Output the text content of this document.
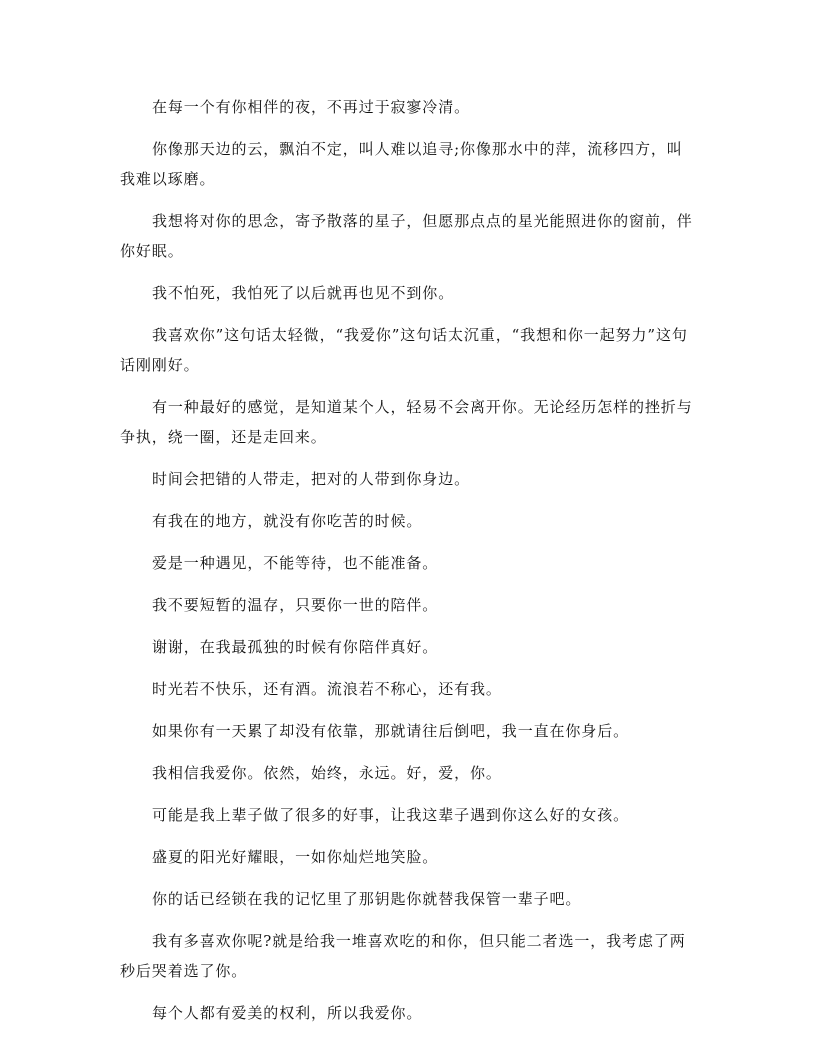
在每一个有你相伴的夜，不再过于寂寥冷清。

你像那天边的云，飘泊不定，叫人难以追寻;你像那水中的萍，流移四方，叫我难以琢磨。

我想将对你的思念，寄予散落的星子，但愿那点点的星光能照进你的窗前，伴你好眠。

我不怕死，我怕死了以后就再也见不到你。

我喜欢你”这句话太轻微，“我爱你”这句话太沉重，“我想和你一起努力”这句话刚刚好。

有一种最好的感觉，是知道某个人，轻易不会离开你。无论经历怎样的挫折与争执，绕一圈，还是走回来。

时间会把错的人带走，把对的人带到你身边。

有我在的地方，就没有你吃苦的时候。

爱是一种遇见，不能等待，也不能准备。

我不要短暂的温存，只要你一世的陪伴。

谢谢，在我最孤独的时候有你陪伴真好。

时光若不快乐，还有酒。流浪若不称心，还有我。

如果你有一天累了却没有依靠，那就请往后倒吧，我一直在你身后。

我相信我爱你。依然，始终，永远。好，爱，你。

可能是我上辈子做了很多的好事，让我这辈子遇到你这么好的女孩。

盛夏的阳光好耀眼，一如你灿烂地笑脸。

你的话已经锁在我的记忆里了那钥匙你就替我保管一辈子吧。

我有多喜欢你呢?就是给我一堆喜欢吃的和你，但只能二者选一，我考虑了两秒后哭着选了你。

每个人都有爱美的权利，所以我爱你。
